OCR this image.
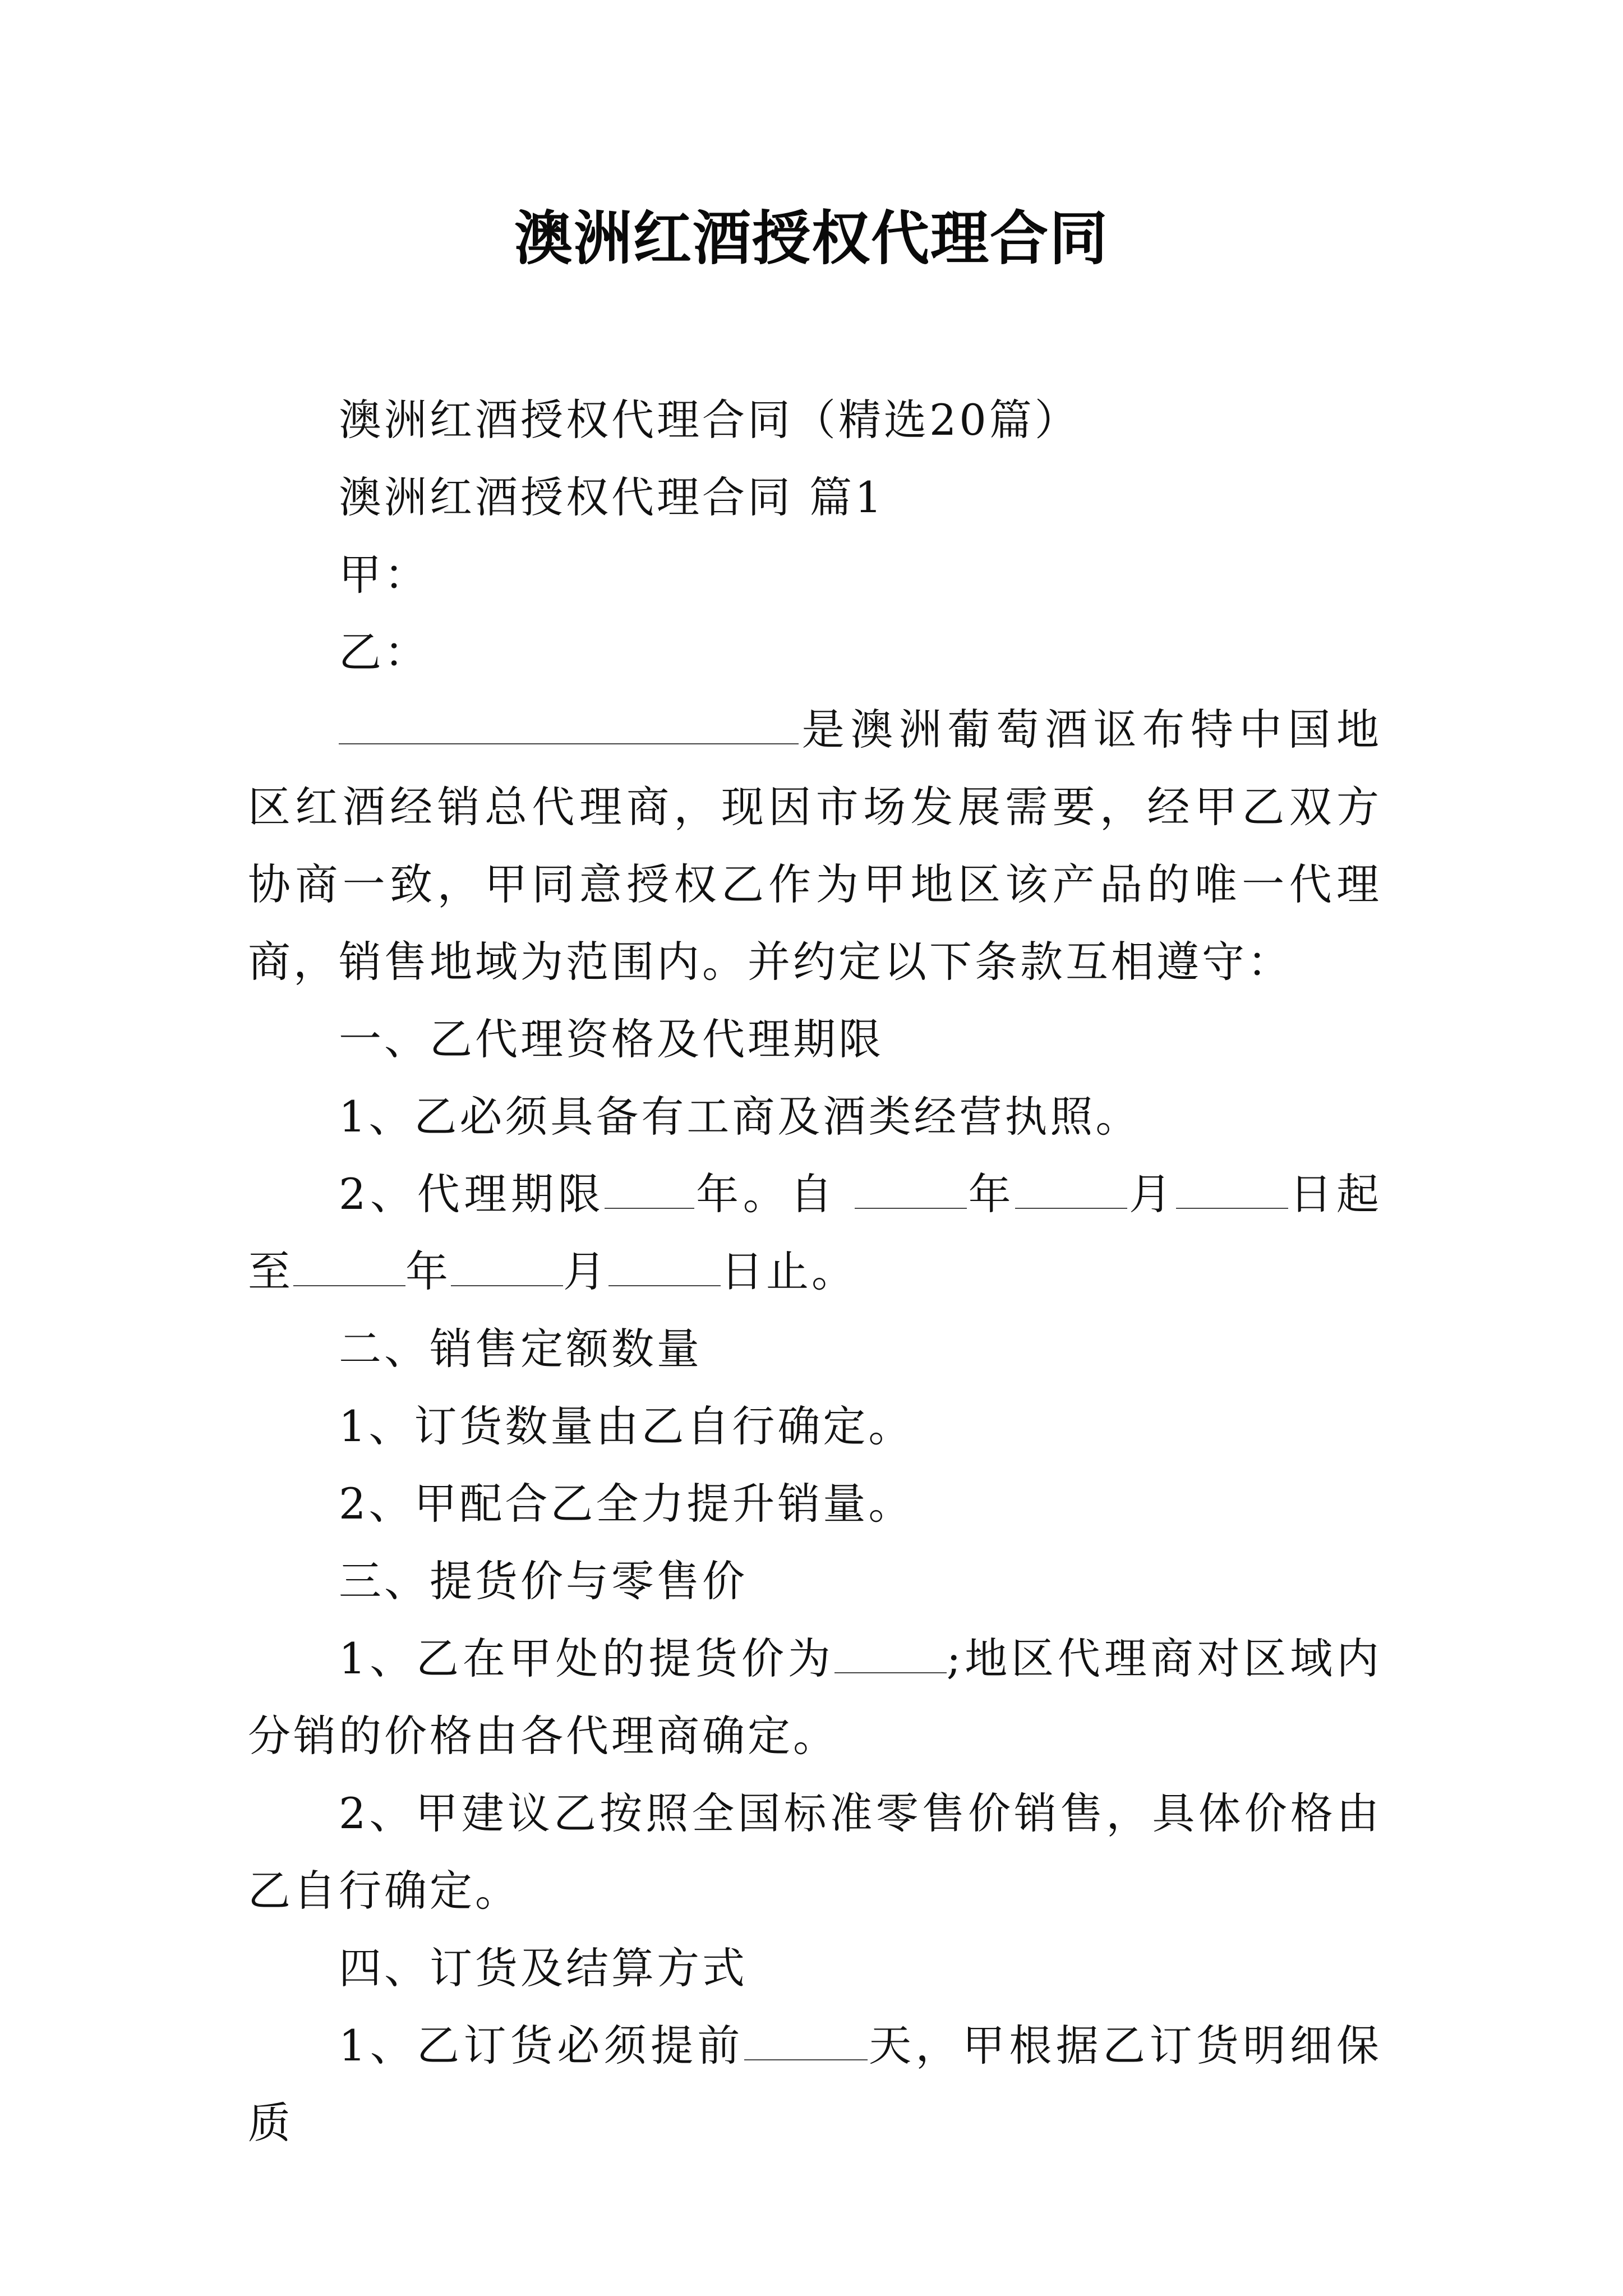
澳洲红酒授权代理合同

澳洲红酒授权代理合同（精选20篇）

澳洲红酒授权代理合同 篇1

甲：

乙：

是澳洲葡萄酒讴布特中国地区红酒经销总代理商，现因市场发展需要，经甲乙双方协商一致，甲同意授权乙作为甲地区该产品的唯一代理商，销售地域为范围内。并约定以下条款互相遵守：

一、乙代理资格及代理期限

1、乙必须具备有工商及酒类经营执照。

2、代理期限 年。自	年	月	日起至	年	月	日止。

二、销售定额数量

1、订货数量由乙自行确定。

2、甲配合乙全力提升销量。

三、提货价与零售价

1、乙在甲处的提货价为	;地区代理商对区域内分销的价格由各代理商确定。

2、甲建议乙按照全国标准零售价销售，具体价格由乙自行确定。

四、订货及结算方式

1、乙订货必须提前	天，甲根据乙订货明细保质
